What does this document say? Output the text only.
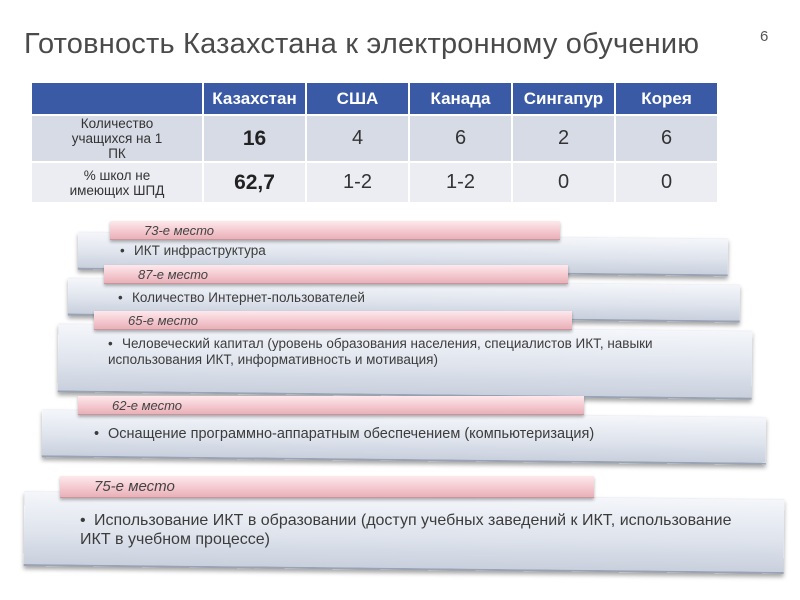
Готовность Казахстана к электронному обучению	6
	Казахстан	США	Канада	Сингапур	Корея

Количество учащихся на 1 ПК	16	4	6	2	6

% школ не имеющих ШПД	62,7	1-2	1-2	0	0
73-е место
• ИКТ инфраструктура
87-е место
• Количество Интернет-пользователей
65-е место
• Человеческий капитал (уровень образования населения, специалистов ИКТ, навыки использования ИКТ, информативность и мотивация)
62-е место
• Оснащение программно-аппаратным обеспечением (компьютеризация)
75-е место
• Использование ИКТ в образовании (доступ учебных заведений к ИКТ, использование ИКТ в учебном процессе)
